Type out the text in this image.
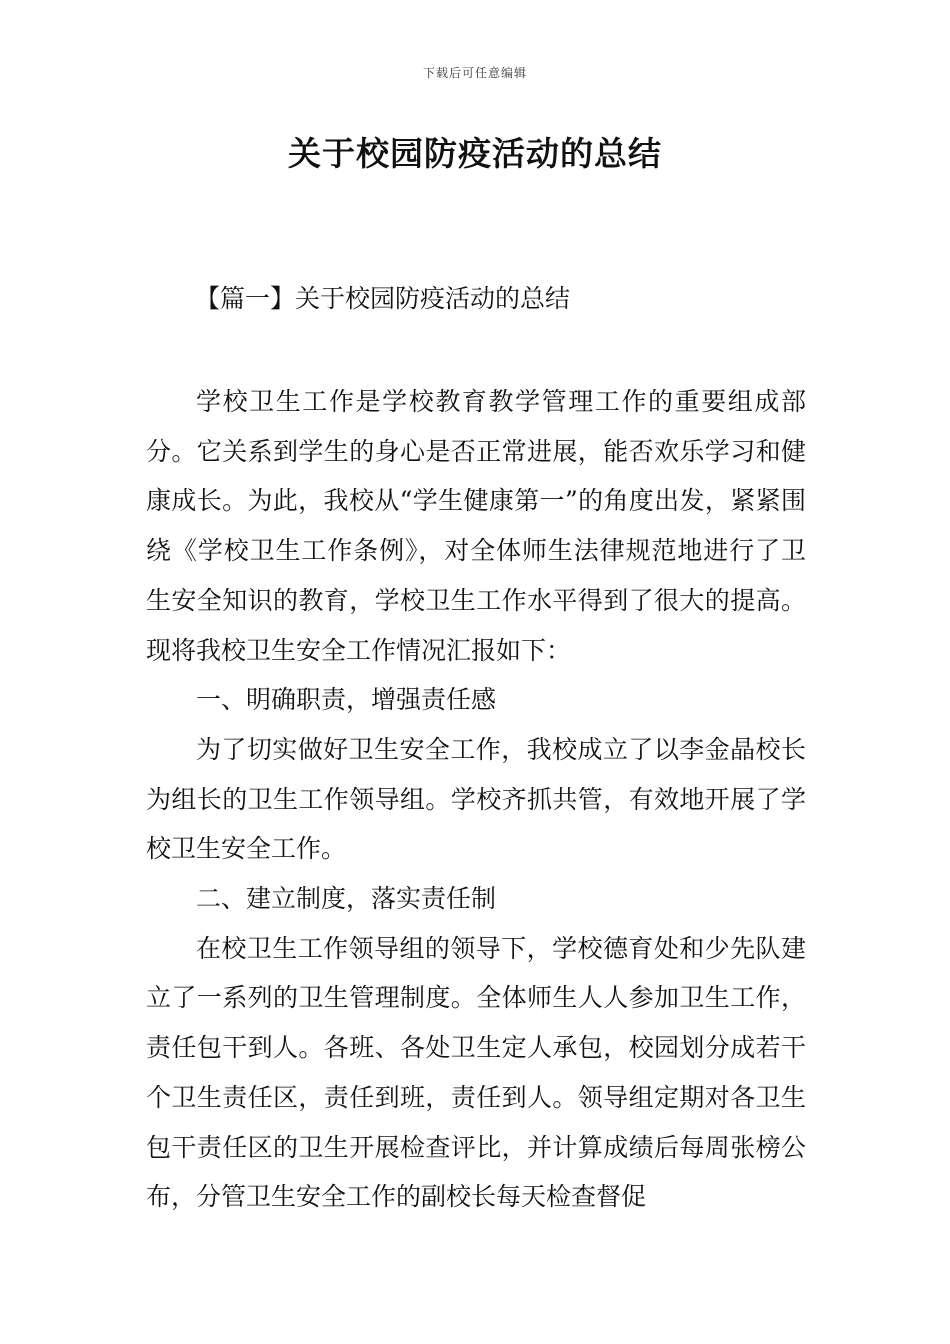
下载后可任意编辑
关于校园防疫活动的总结
【篇一】关于校园防疫活动的总结

学校卫生工作是学校教育教学管理工作的重要组成部分。它关系到学生的身心是否正常进展，能否欢乐学习和健康成长。为此，我校从“学生健康第一”的角度出发，紧紧围绕《学校卫生工作条例》，对全体师生法律规范地进行了卫生安全知识的教育，学校卫生工作水平得到了很大的提高。现将我校卫生安全工作情况汇报如下：

一、明确职责，增强责任感

为了切实做好卫生安全工作，我校成立了以李金晶校长为组长的卫生工作领导组。学校齐抓共管，有效地开展了学校卫生安全工作。

二、建立制度，落实责任制

在校卫生工作领导组的领导下，学校德育处和少先队建立了一系列的卫生管理制度。全体师生人人参加卫生工作，责任包干到人。各班、各处卫生定人承包，校园划分成若干个卫生责任区，责任到班，责任到人。领导组定期对各卫生包干责任区的卫生开展检查评比，并计算成绩后每周张榜公布，分管卫生安全工作的副校长每天检查督促
